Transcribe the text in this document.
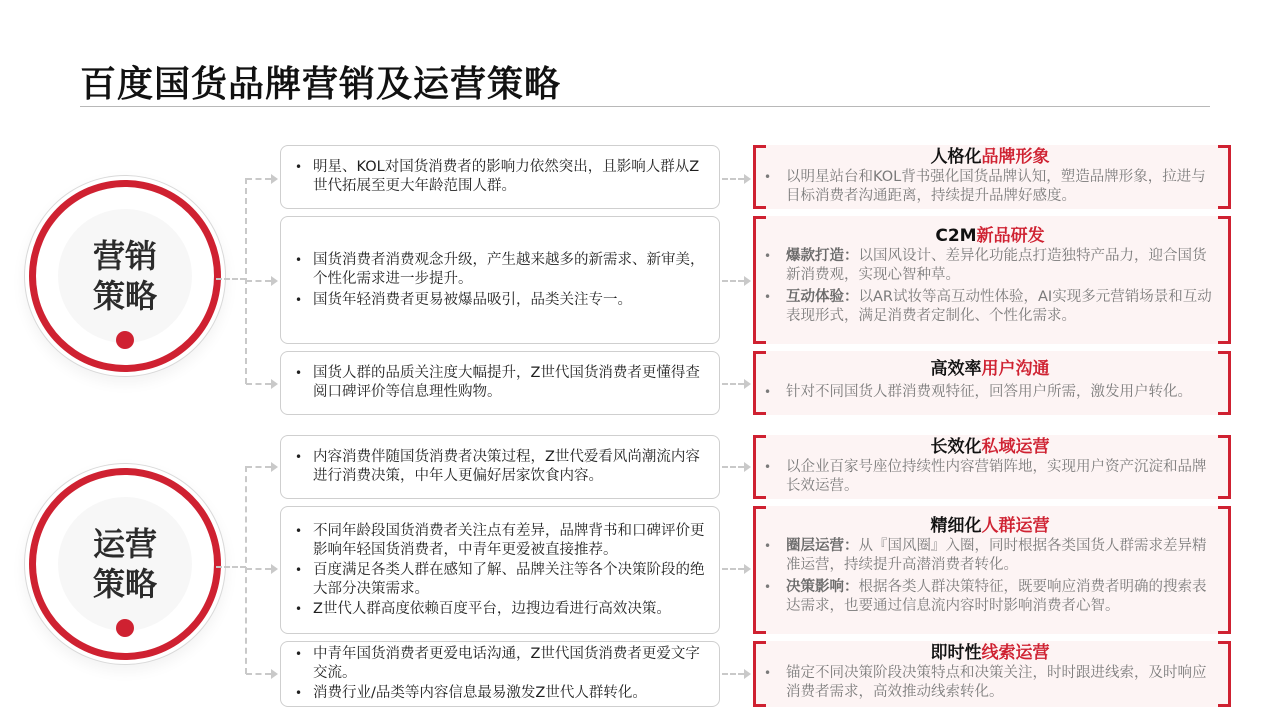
百度国货品牌营销及运营策略
营销策略
运营策略
• 明星、KOL对国货消费者的影响力依然突出，且影响人群从Z世代拓展至更大年龄范围人群。
• 国货消费者消费观念升级，产生越来越多的新需求、新审美，个性化需求进一步提升。
• 国货年轻消费者更易被爆品吸引，品类关注专一。
• 国货人群的品质关注度大幅提升，Z世代国货消费者更懂得查阅口碑评价等信息理性购物。
• 内容消费伴随国货消费者决策过程，Z世代爱看风尚潮流内容进行消费决策，中年人更偏好居家饮食内容。
• 不同年龄段国货消费者关注点有差异，品牌背书和口碑评价更影响年轻国货消费者，中青年更爱被直接推荐。
• 百度满足各类人群在感知了解、品牌关注等各个决策阶段的绝大部分决策需求。
• Z世代人群高度依赖百度平台，边搜边看进行高效决策。
• 中青年国货消费者更爱电话沟通，Z世代国货消费者更爱文字交流。
• 消费行业/品类等内容信息最易激发Z世代人群转化。
人格化品牌形象
•	以明星站台和KOL背书强化国货品牌认知，塑造品牌形象，拉进与目标消费者沟通距离，持续提升品牌好感度。
C2M新品研发
•	爆款打造：以国风设计、差异化功能点打造独特产品力，迎合国货新消费观，实现心智种草。
•	互动体验：以AR试妆等高互动性体验，AI实现多元营销场景和互动表现形式，满足消费者定制化、个性化需求。
高效率用户沟通
•	针对不同国货人群消费观特征，回答用户所需，激发用户转化。
长效化私域运营
•	以企业百家号座位持续性内容营销阵地，实现用户资产沉淀和品牌长效运营。
精细化人群运营
•	圈层运营：从『国风圈』入圈，同时根据各类国货人群需求差异精准运营，持续提升高潜消费者转化。
•	决策影响：根据各类人群决策特征，既要响应消费者明确的搜索表达需求，也要通过信息流内容时时影响消费者心智。
即时性线索运营
•	锚定不同决策阶段决策特点和决策关注，时时跟进线索，及时响应消费者需求，高效推动线索转化。
